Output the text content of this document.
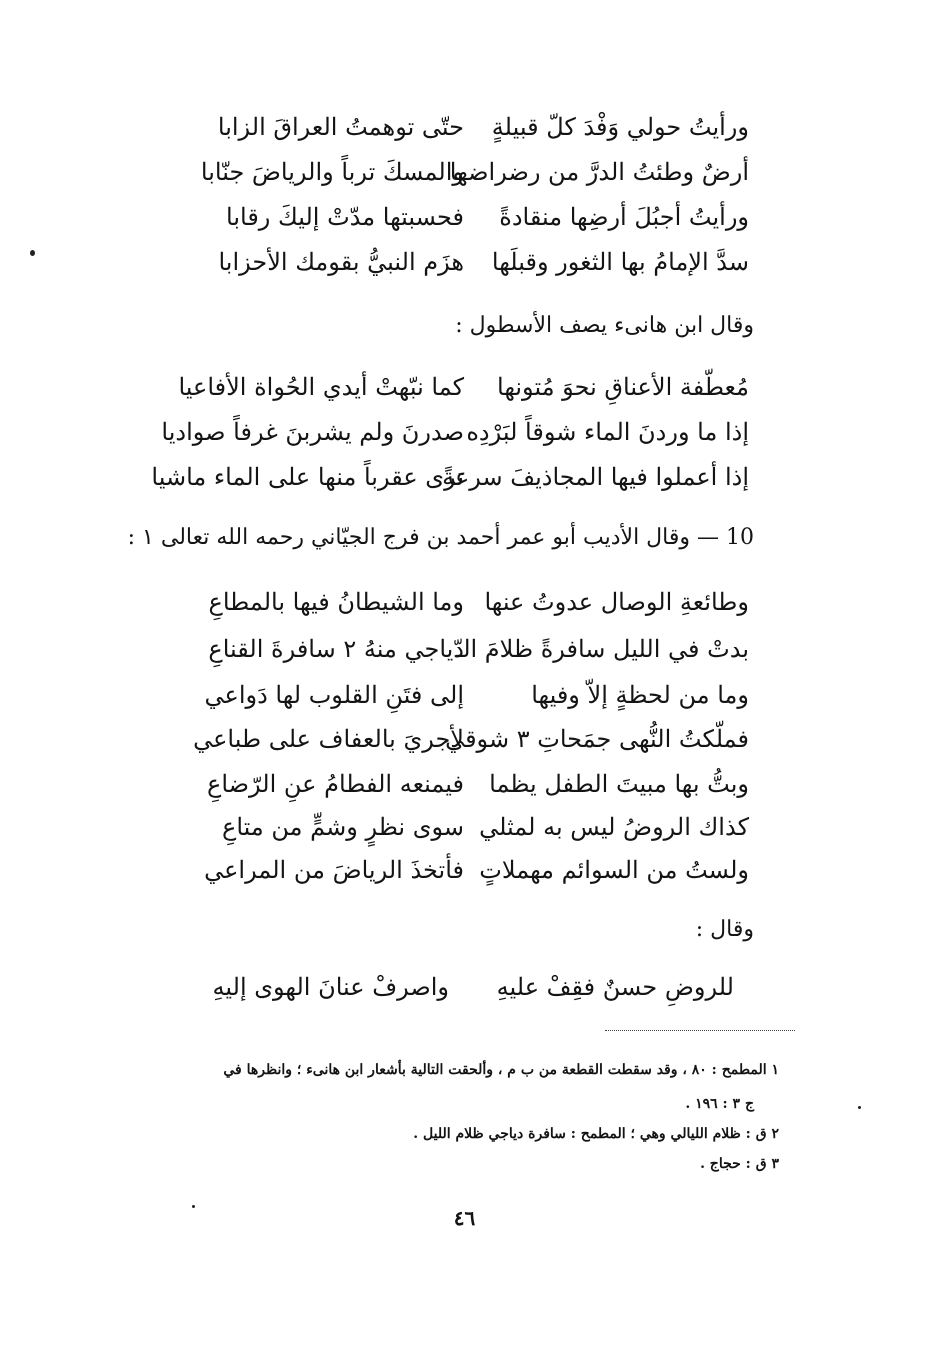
ورأيتُ حولي وَفْدَ كلّ قبيلةٍ
حتّى توهمتُ العراقَ الزابا
أرضٌ وطئتُ الدرَّ من رضراضها
والمسكَ ترباً والرياضَ جنّابا
ورأيتُ أجبُلَ أرضِها منقادةً
فحسبتها مدّتْ إليكَ رقابا
سدَّ الإمامُ بها الثغور وقبلَها
هزَم النبيُّ بقومك الأحزابا
وقال ابن هانىء يصف الأسطول :
مُعطّفة الأعناقِ نحوَ مُتونها
كما نبّهتْ أيدي الحُواة الأفاعيا
إذا ما وردنَ الماء شوقاً لبَرْدِه
صدرنَ ولم يشربنَ غرفاً صواديا
إذا أعملوا فيها المجاذيفَ سرعةً
ترى عقرباً منها على الماء ماشيا
10 — وقال الأديب أبو عمر أحمد بن فرج الجيّاني رحمه الله تعالى ١ :
وطائعةِ الوصال عدوتُ عنها
وما الشيطانُ فيها بالمطاعِ
بدتْ في الليل سافرةً ظلامَ الـ
دّياجي منهُ ٢ سافرةَ القناعِ
وما من لحظةٍ إلاّ وفيها
إلى فتَنِ القلوب لها دَواعي
فملّكتُ النُّهى جمَحاتِ ٣ شوقي
لأجريَ بالعفاف على طباعي
وبتُّ بها مبيتَ الطفل يظما
فيمنعه الفطامُ عنِ الرّضاعِ
كذاك الروضُ ليس به لمثلي
سوى نظرٍ وشمٍّ من متاعِ
ولستُ من السوائم مهملاتٍ
فأتخذَ الرياضَ من المراعي
وقال :
للروضِ حسنٌ فقِفْ عليهِ
واصرفْ عنانَ الهوى إليهِ
١ المطمح : ٨٠ ، وقد سقطت القطعة من ب م ، وألحقت التالية بأشعار ابن هانىء ؛ وانظرها في
ج ٣ : ١٩٦ .
٢ ق : ظلام الليالي وهي ؛ المطمح : سافرة دياجي ظلام الليل .
٣ ق : حجاج .
٤٦
